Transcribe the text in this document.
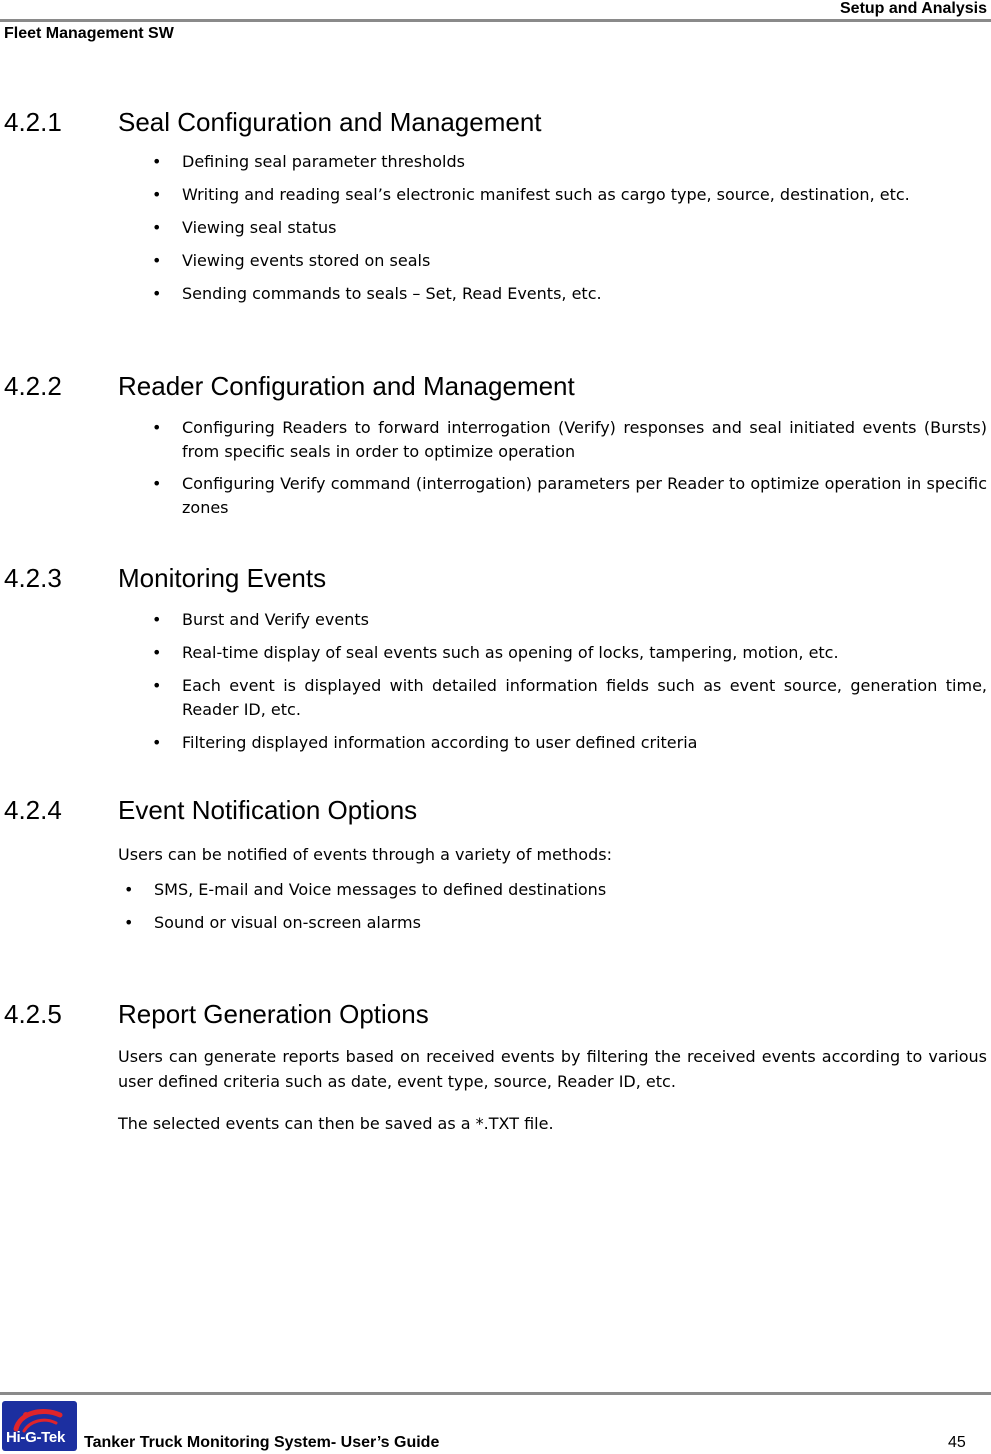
Setup and Analysis
Fleet Management SW
4.2.1 Seal Configuration and Management
• Defining seal parameter thresholds
• Writing and reading seal’s electronic manifest such as cargo type, source, destination, etc.
• Viewing seal status
• Viewing events stored on seals
• Sending commands to seals – Set, Read Events, etc.
4.2.2 Reader Configuration and Management
• Configuring Readers to forward interrogation (Verify) responses and seal initiated events (Bursts) from specific seals in order to optimize operation
• Configuring Verify command (interrogation) parameters per Reader to optimize operation in specific zones
4.2.3 Monitoring Events
• Burst and Verify events
• Real-time display of seal events such as opening of locks, tampering, motion, etc.
• Each event is displayed with detailed information fields such as event source, generation time, Reader ID, etc.
• Filtering displayed information according to user defined criteria
4.2.4 Event Notification Options

Users can be notified of events through a variety of methods:

• SMS, E-mail and Voice messages to defined destinations
• Sound or visual on-screen alarms
4.2.5 Report Generation Options

Users can generate reports based on received events by filtering the received events according to various user defined criteria such as date, event type, source, Reader ID, etc.

The selected events can then be saved as a *.TXT file.

Hi-G-Tek Tanker Truck Monitoring System- User’s Guide	45
